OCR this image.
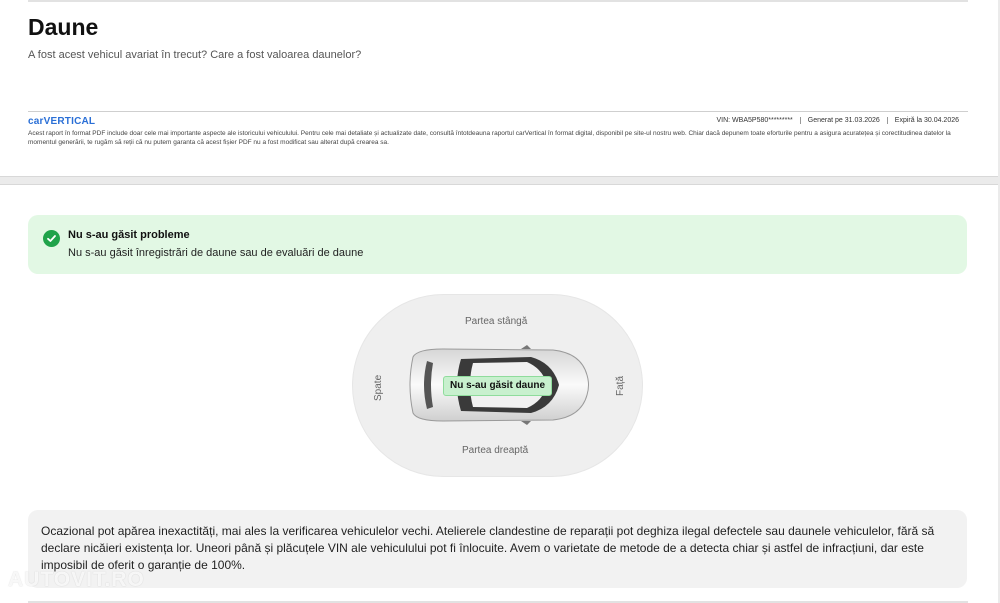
Daune
A fost acest vehicul avariat în trecut? Care a fost valoarea daunelor?
carVERTICAL	VIN: WBA5P580*********	Generat pe 31.03.2026	Expiră la 30.04.2026
Acest raport în format PDF include doar cele mai importante aspecte ale istoricului vehiculului. Pentru cele mai detaliate și actualizate date, consultă întotdeauna raportul carVertical în format digital, disponibil pe site-ul nostru web. Chiar dacă depunem toate eforturile pentru a asigura acuratețea și corectitudinea datelor la momentul generării, te rugăm să reții că nu putem garanta că acest fișier PDF nu a fost modificat sau alterat după crearea sa.
Nu s-au găsit probleme
Nu s-au găsit înregistrări de daune sau de evaluări de daune
Partea stângă
Partea dreaptă
Spate	Față
Nu s-au găsit daune
Ocazional pot apărea inexactități, mai ales la verificarea vehiculelor vechi. Atelierele clandestine de reparații pot deghiza ilegal defectele sau daunele vehiculelor, fără să declare nicăieri existența lor. Uneori până și plăcuțele VIN ale vehiculului pot fi înlocuite. Avem o varietate de metode de a detecta chiar și astfel de infracțiuni, dar este imposibil de oferit o garanție de 100%.
AUTOVIT.RO
